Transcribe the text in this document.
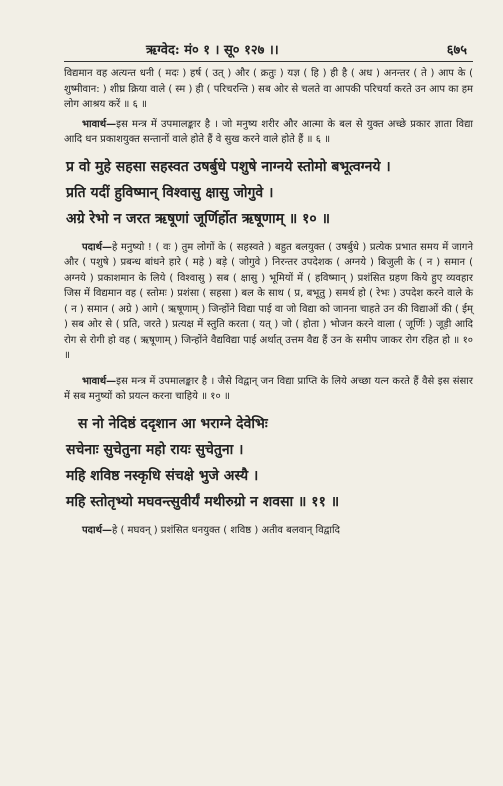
ऋग्वेद: मं० १ । सू० १२७ ।।	६७५

विद्यमान वह अत्यन्त धनी ( मदः ) हर्ष ( उत् ) और ( क्रतुः ) यज्ञ ( हि ) ही है ( अध ) अनन्तर ( ते ) आप के ( शुष्मीवान: ) शीघ्र क्रिया वाले ( स्म ) ही ( परिचरन्ति ) सब ओर से चलते वा आपकी परिचर्या करते उन आप का हम लोग आश्रय करें ॥ ६ ॥

भावार्थ—इस मन्त्र में उपमालङ्कार है । जो मनुष्य शरीर और आत्मा के बल से युक्त अच्छे प्रकार ज्ञाता विद्या आदि धन प्रकाशयुक्त सन्तानों वाले होते हैं वे सुख करने वाले होते हैं ॥ ६ ॥

प्र वो मुहे सहसा सहस्वत उषर्बुधे पशुषे नाग्नये स्तोमो बभूत्वग्नये ।
प्रति यदीं हुविष्मान् विश्वासु क्षासु जोगुवे ।
अग्रे रेभो न जरत ऋषूणां जूर्णिर्होत ऋषूणाम् ॥ १० ॥

पदार्थ—हे मनुष्यो ! ( वः ) तुम लोगों के ( सहस्वते ) बहुत बलयुक्त ( उषर्बुधे ) प्रत्येक प्रभात समय में जागने और ( पशुषे ) प्रबन्ध बांधने हारे ( महे ) बड़े ( जोगुवे ) निरन्तर उपदेशक ( अग्नये ) बिजुली के ( न ) समान ( अग्नये ) प्रकाशमान के लिये ( विश्वासु ) सब ( क्षासु ) भूमियों में ( हविष्मान् ) प्रशंसित ग्रहण किये हुए व्यवहार जिस में विद्यमान वह ( स्तोमः ) प्रशंसा ( सहसा ) बल के साथ ( प्र, बभूतु ) समर्थ हो ( रेभः ) उपदेश करने वाले के ( न ) समान ( अग्रे ) आगे ( ऋषूणाम् ) जिन्होंने विद्या पाई वा जो विद्या को जानना चाहते उन की विद्याओं की ( ईम् ) सब ओर से ( प्रति, जरते ) प्रत्यक्ष में स्तुति करता ( यत् ) जो ( होता ) भोजन करने वाला ( जूर्णिः ) जूड़ी आदि रोग से रोगी हो वह ( ऋषूणाम् ) जिन्होंने वैद्यविद्या पाई अर्थात् उत्तम वैद्य हैं उन के समीप जाकर रोग रहित हो ॥ १० ॥

भावार्थ—इस मन्त्र में उपमालङ्कार है । जैसे विद्वान् जन विद्या प्राप्ति के लिये अच्छा यत्न करते हैं वैसे इस संसार में सब मनुष्यों को प्रयत्न करना चाहिये ॥ १० ॥

स नो नेदिष्ठं ददृशान आ भराग्ने देवेभिः
सचेनाः सुचेतुना महो रायः सुचेतुना ।
महि शविष्ठ नस्कृधि संचक्षे भुजे अस्यै ।
महि स्तोतृभ्यो मघवन्त्सुवीर्यं मथीरुग्रो न शवसा ॥ ११ ॥

पदार्थ—हे ( मघवन् ) प्रशंसित धनयुक्त ( शविष्ठ ) अतीव बलवान् विद्वादि
